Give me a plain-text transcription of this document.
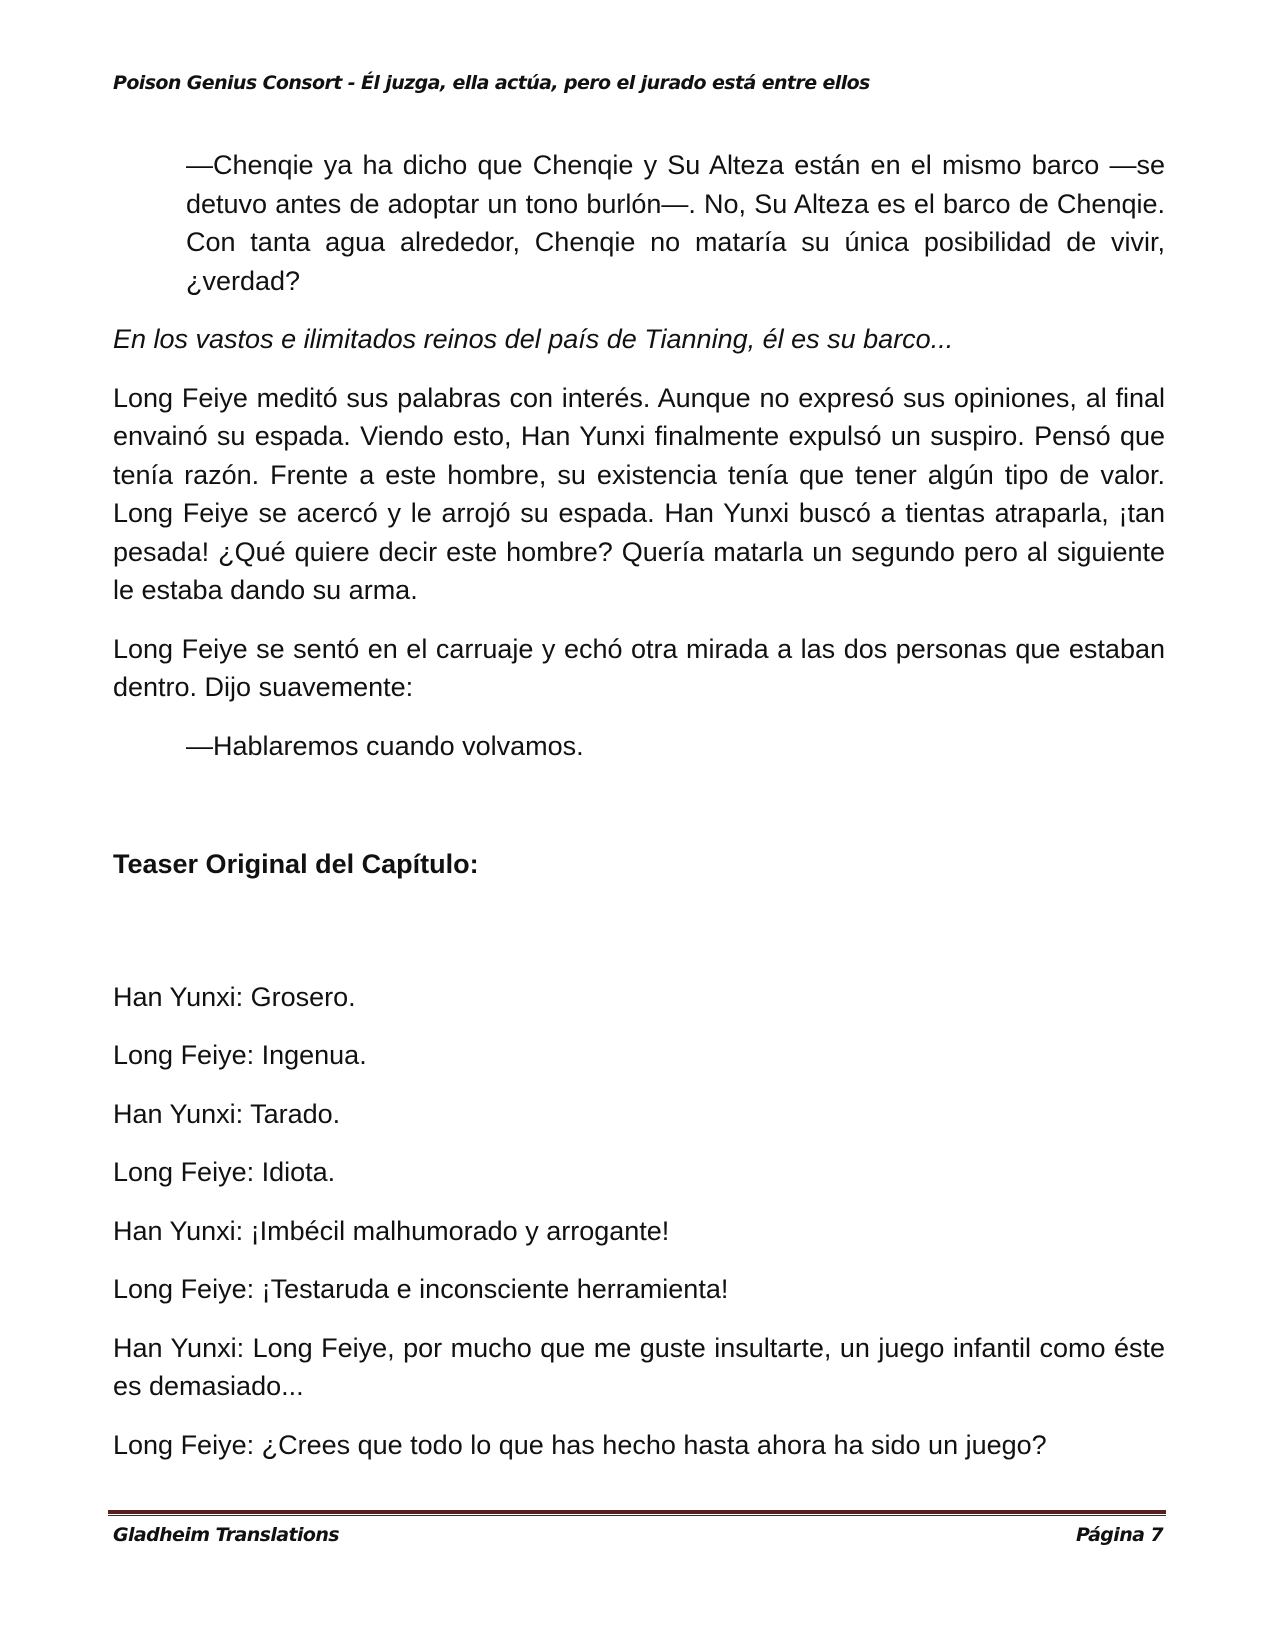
Poison Genius Consort - Él juzga, ella actúa, pero el jurado está entre ellos

—Chenqie ya ha dicho que Chenqie y Su Alteza están en el mismo barco —se detuvo antes de adoptar un tono burlón—. No, Su Alteza es el barco de Chenqie. Con tanta agua alrededor, Chenqie no mataría su única posibilidad de vivir, ¿verdad?

En los vastos e ilimitados reinos del país de Tianning, él es su barco...

Long Feiye meditó sus palabras con interés. Aunque no expresó sus opiniones, al final envainó su espada. Viendo esto, Han Yunxi finalmente expulsó un suspiro. Pensó que tenía razón. Frente a este hombre, su existencia tenía que tener algún tipo de valor. Long Feiye se acercó y le arrojó su espada. Han Yunxi buscó a tientas atraparla, ¡tan pesada! ¿Qué quiere decir este hombre? Quería matarla un segundo pero al siguiente le estaba dando su arma.

Long Feiye se sentó en el carruaje y echó otra mirada a las dos personas que estaban dentro. Dijo suavemente:

—Hablaremos cuando volvamos.

Teaser Original del Capítulo:

Han Yunxi: Grosero.

Long Feiye: Ingenua.

Han Yunxi: Tarado.

Long Feiye: Idiota.

Han Yunxi: ¡Imbécil malhumorado y arrogante!

Long Feiye: ¡Testaruda e inconsciente herramienta!

Han Yunxi: Long Feiye, por mucho que me guste insultarte, un juego infantil como éste es demasiado...

Long Feiye: ¿Crees que todo lo que has hecho hasta ahora ha sido un juego?

Gladheim Translations	Página 7
